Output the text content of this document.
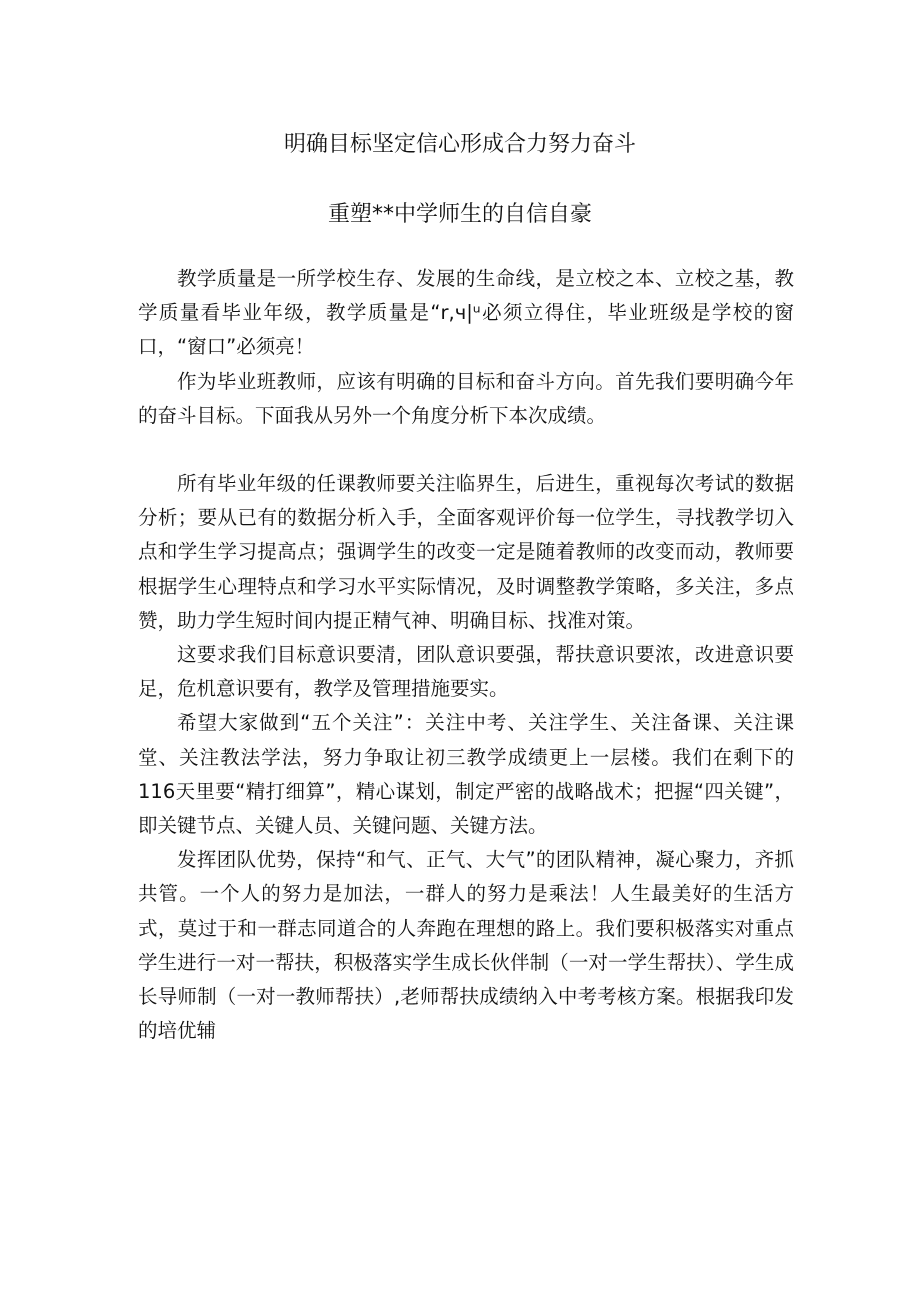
明确目标坚定信心形成合力努力奋斗
重塑**中学师生的自信自豪

教学质量是一所学校生存、发展的生命线，是立校之本、立校之基，教学质量看毕业年级，教学质量是“r,ч|ᵘ必须立得住，毕业班级是学校的窗口，“窗口”必须亮！

作为毕业班教师，应该有明确的目标和奋斗方向。首先我们要明确今年的奋斗目标。下面我从另外一个角度分析下本次成绩。

所有毕业年级的任课教师要关注临界生，后进生，重视每次考试的数据分析；要从已有的数据分析入手，全面客观评价每一位学生，寻找教学切入点和学生学习提高点；强调学生的改变一定是随着教师的改变而动，教师要根据学生心理特点和学习水平实际情况，及时调整教学策略，多关注，多点赞，助力学生短时间内提正精气神、明确目标、找准对策。

这要求我们目标意识要清，团队意识要强，帮扶意识要浓，改进意识要足，危机意识要有，教学及管理措施要实。

希望大家做到“五个关注”：关注中考、关注学生、关注备课、关注课堂、关注教法学法，努力争取让初三教学成绩更上一层楼。我们在剩下的116天里要“精打细算”，精心谋划，制定严密的战略战术；把握“四关键”，即关键节点、关键人员、关键问题、关键方法。

发挥团队优势，保持“和气、正气、大气”的团队精神，凝心聚力，齐抓共管。一个人的努力是加法，一群人的努力是乘法！人生最美好的生活方式，莫过于和一群志同道合的人奔跑在理想的路上。我们要积极落实对重点学生进行一对一帮扶，积极落实学生成长伙伴制（一对一学生帮扶）、学生成长导师制（一对一教师帮扶）,老师帮扶成绩纳入中考考核方案。根据我印发的培优辅
